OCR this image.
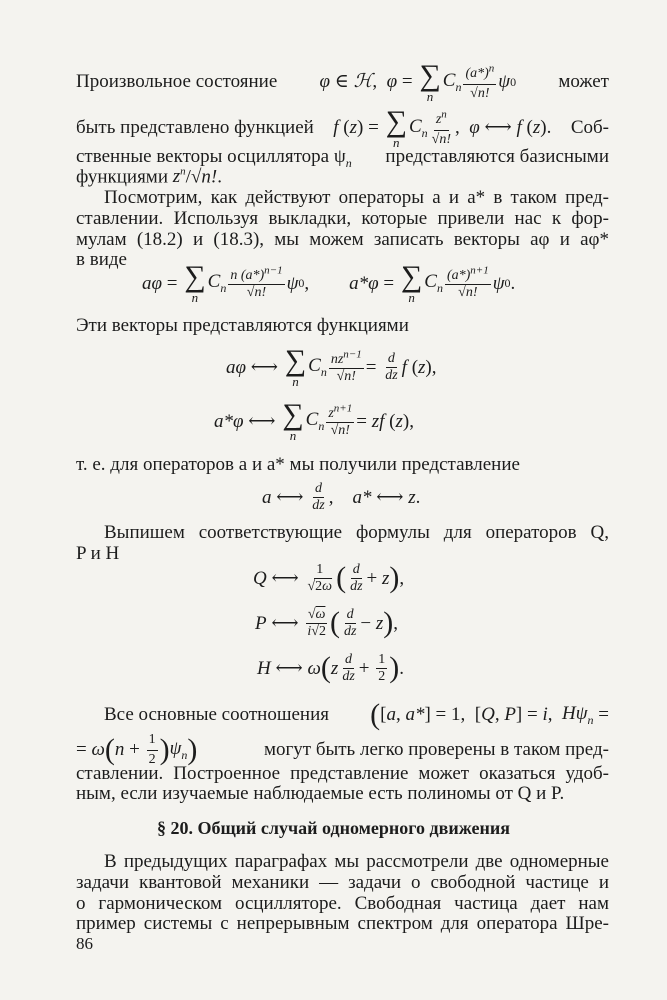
Произвольное состояние φ ∈ ℋ , φ = ∑
n
$C_n \frac{(a*)^n}{√n!}$ ψ 0 может
быть представлено функцией f ( z ) = ∑
n
$C_n \frac{z^n}{√n!}$ , φ ⟷ f ( z ). Соб-
ственные векторы осциллятора $\psi_n$ представляются базисными
функциями $z^n/√n$!.
Посмотрим, как действуют операторы a и a* в таком пред-
ставлении. Используя выкладки, которые привели нас к фор-
мулам (18.2) и (18.3), мы можем записать векторы aφ и aφ*
в виде
a φ = ∑
n
$C_n \frac{n (a*)^{n-1}}{√n!}$ ψ 0 , a*φ = ∑
n
$C_n \frac{(a*)^{n+1}}{√n!}$ ψ 0 .
Эти векторы представляются функциями
aφ ⟷ ∑
n
$C_n \frac{nz^{n-1}}{√n!} = \frac{d}{dz}$ f ( z ),
a*φ ⟷ ∑
n
$C_n \frac{z^{n+1}}{√n!}$ = zf ( z ),
т. е. для операторов a и a* мы получили представление
a ⟷ $\frac{d}{dz}$ , a* ⟷ z .
Выпишем соответствующие формулы для операторов Q,
P и H
Q ⟷ $\frac{1}{√2\omega}$ ( $\frac{d}{dz} + z$ ) ,
P ⟷ $\frac{√\omega}{i√2}$ ( $\frac{d}{dz} - z$ ) ,
H ⟷ ω ( z $\frac{d}{dz} + \frac{1}{2}$ ) .
Все основные соотношения ( [ a , a* ] = 1,  [ Q , P ] = i , $H\psi_n$ =
= ω ( $n + \frac{1}{2}$ ) $\psi_n$ )	могут быть легко проверены в таком пред-
ставлении. Построенное представление может оказаться удоб-
ным, если изучаемые наблюдаемые есть полиномы от Q и P.
§ 20. Общий случай одномерного движения
В предыдущих параграфах мы рассмотрели две одномерные
задачи квантовой механики — задачи о свободной частице и
о гармоническом осцилляторе. Свободная частица дает нам
пример системы с непрерывным спектром для оператора Шре-
86
